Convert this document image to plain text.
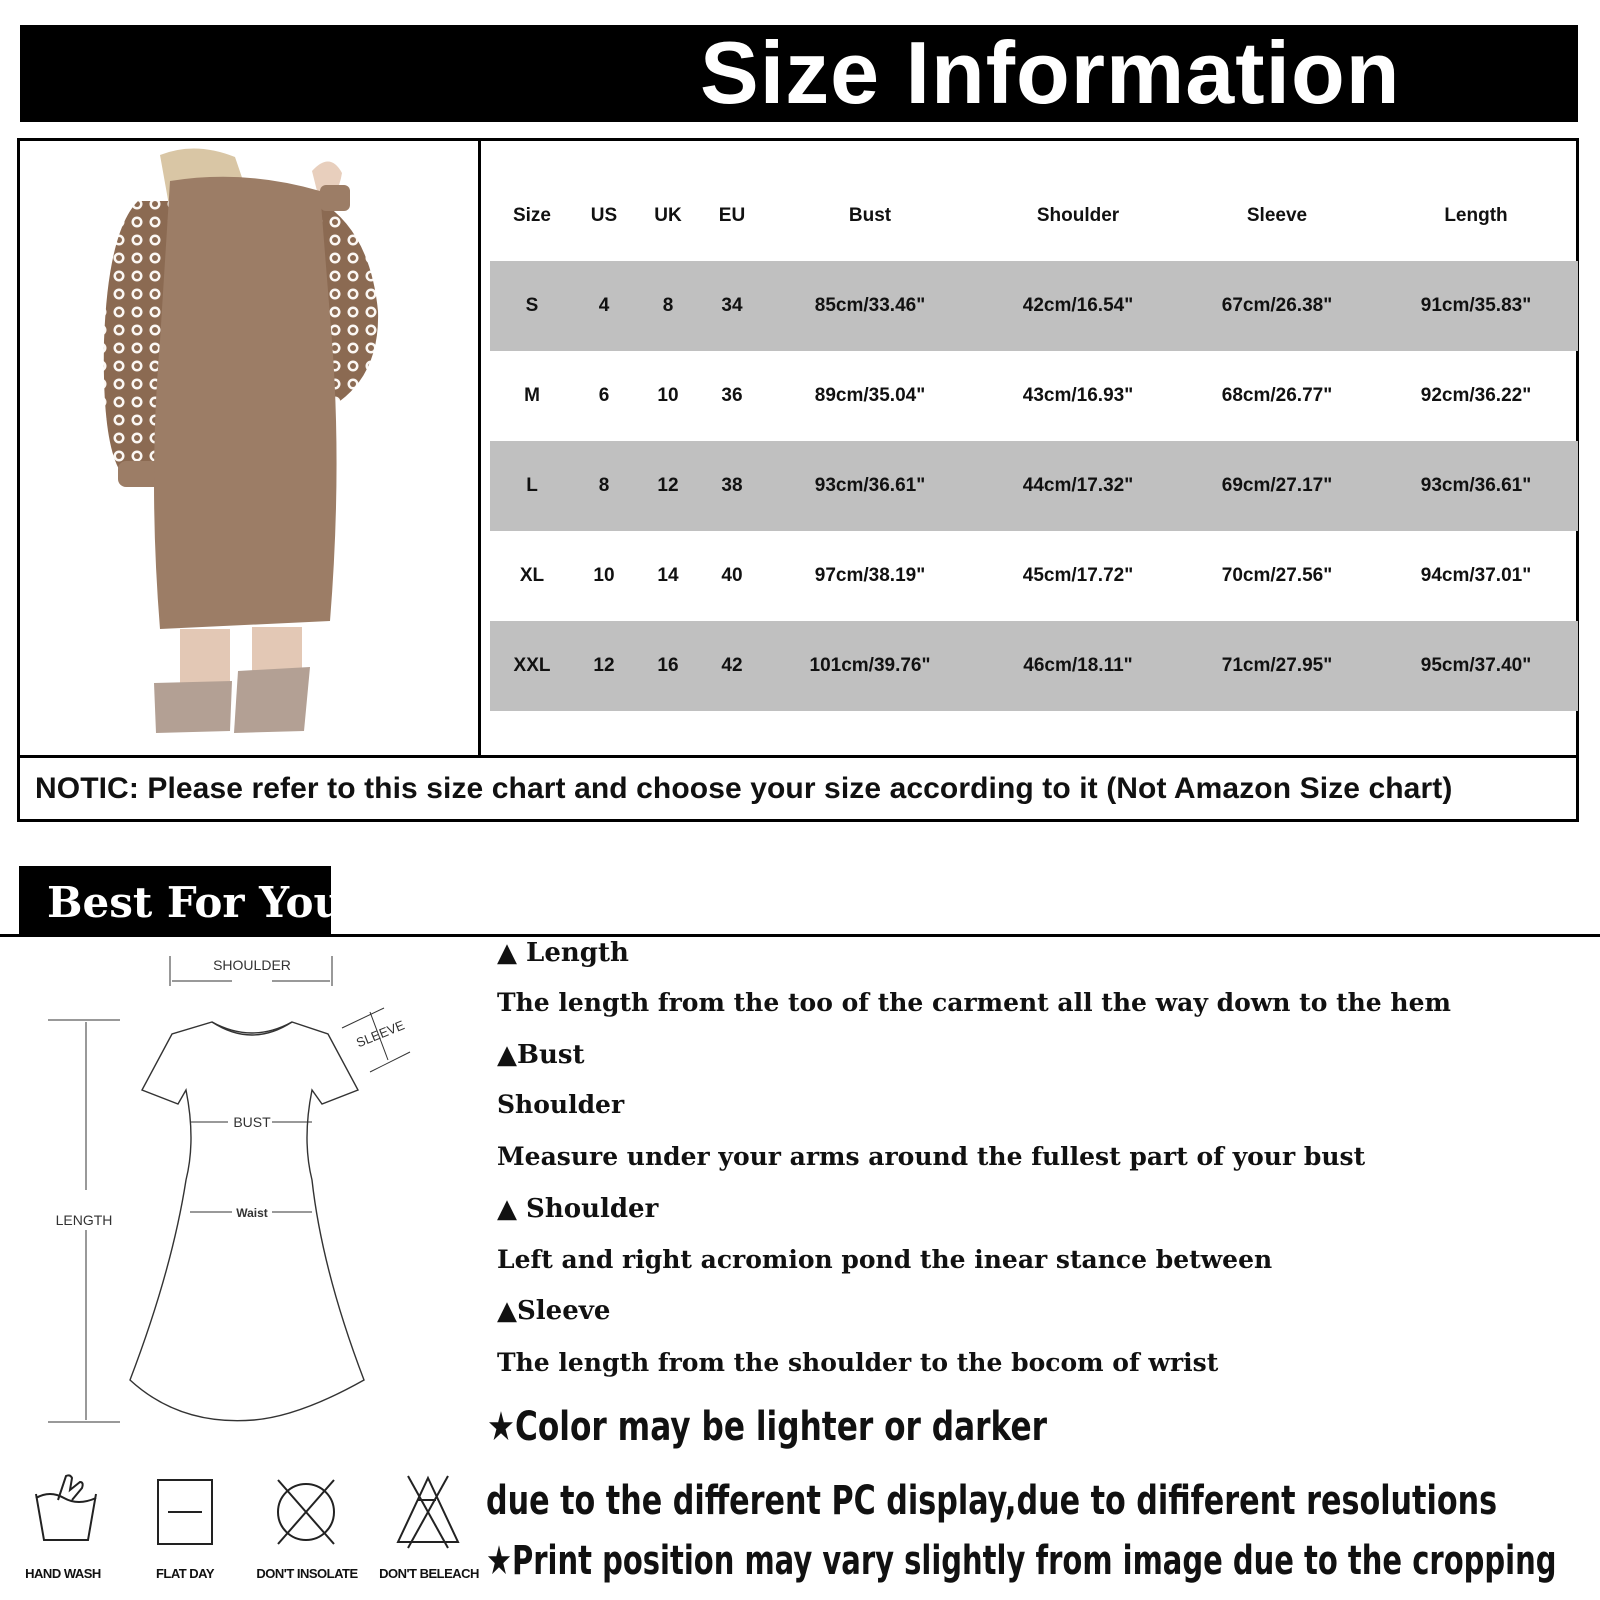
Size Information
Size	US	UK	EU	Bust	Shoulder	Sleeve	Length
S	4	8	34	85cm/33.46"	42cm/16.54"	67cm/26.38"	91cm/35.83"
M	6	10	36	89cm/35.04"	43cm/16.93"	68cm/26.77"	92cm/36.22"
L	8	12	38	93cm/36.61"	44cm/17.32"	69cm/27.17"	93cm/36.61"
XL	10	14	40	97cm/38.19"	45cm/17.72"	70cm/27.56"	94cm/37.01"
XXL	12	16	42	101cm/39.76"	46cm/18.11"	71cm/27.95"	95cm/37.40"
NOTIC: Please refer to this size chart and choose your size according to it (Not Amazon Size chart)
Best For You
SHOULDER
SLEEVE
LENGTH
BUST
Waist
▲ Length
The length from the too of the carment all the way down to the hem
▲Bust
Shoulder
Measure under your arms around the fullest part of your bust
▲ Shoulder
Left and right acromion pond the inear stance between
▲Sleeve
The length from the shoulder to the bocom of wrist
★Color may be lighter or darker
due to the different PC display,due to dififerent resolutions
★Print position may vary slightly from image due to the cropping
HAND WASH	FLAT DAY	DON'T INSOLATE	DON'T BELEACH
